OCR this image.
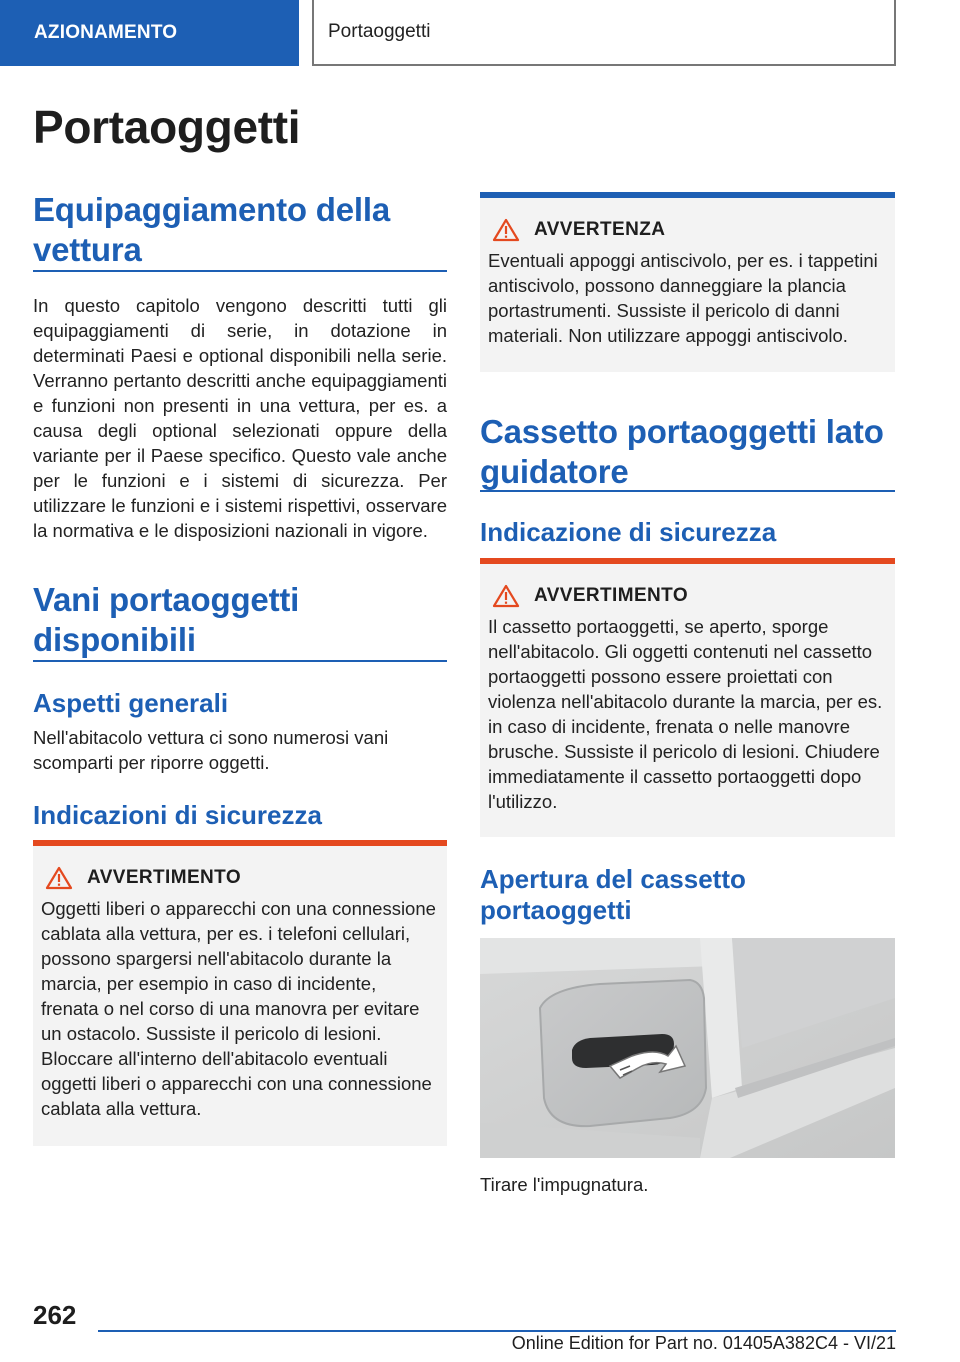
AZIONAMENTO	Portaoggetti
Portaoggetti
Equipaggiamento della vettura
In questo capitolo vengono descritti tutti gli equipaggiamenti di serie, in dotazione in determinati Paesi e optional disponibili nella serie. Verranno pertanto descritti anche equipaggiamenti e funzioni non presenti in una vettura, per es. a causa degli optional selezionati oppure della variante per il Paese specifico. Questo vale anche per le funzioni e i sistemi di sicurezza. Per utilizzare le funzioni e i sistemi rispettivi, osservare la normativa e le disposizioni nazionali in vigore.
Vani portaoggetti disponibili
Aspetti generali
Nell'abitacolo vettura ci sono numerosi vani scomparti per riporre oggetti.
Indicazioni di sicurezza
AVVERTIMENTO
Oggetti liberi o apparecchi con una connessione cablata alla vettura, per es. i telefoni cellulari, possono spargersi nell'abitacolo durante la marcia, per esempio in caso di incidente, frenata o nel corso di una manovra per evitare un ostacolo. Sussiste il pericolo di lesioni. Bloccare all'interno dell'abitacolo eventuali oggetti liberi o apparecchi con una connessione cablata alla vettura.
AVVERTENZA
Eventuali appoggi antiscivolo, per es. i tappetini antiscivolo, possono danneggiare la plancia portastrumenti. Sussiste il pericolo di danni materiali. Non utilizzare appoggi antiscivolo.
Cassetto portaoggetti lato guidatore
Indicazione di sicurezza
AVVERTIMENTO
Il cassetto portaoggetti, se aperto, sporge nell'abitacolo. Gli oggetti contenuti nel cassetto portaoggetti possono essere proiettati con violenza nell'abitacolo durante la marcia, per es. in caso di incidente, frenata o nelle manovre brusche. Sussiste il pericolo di lesioni. Chiudere immediatamente il cassetto portaoggetti dopo l'utilizzo.
Apertura del cassetto portaoggetti
Tirare l'impugnatura.
262
Online Edition for Part no. 01405A382C4 - VI/21
